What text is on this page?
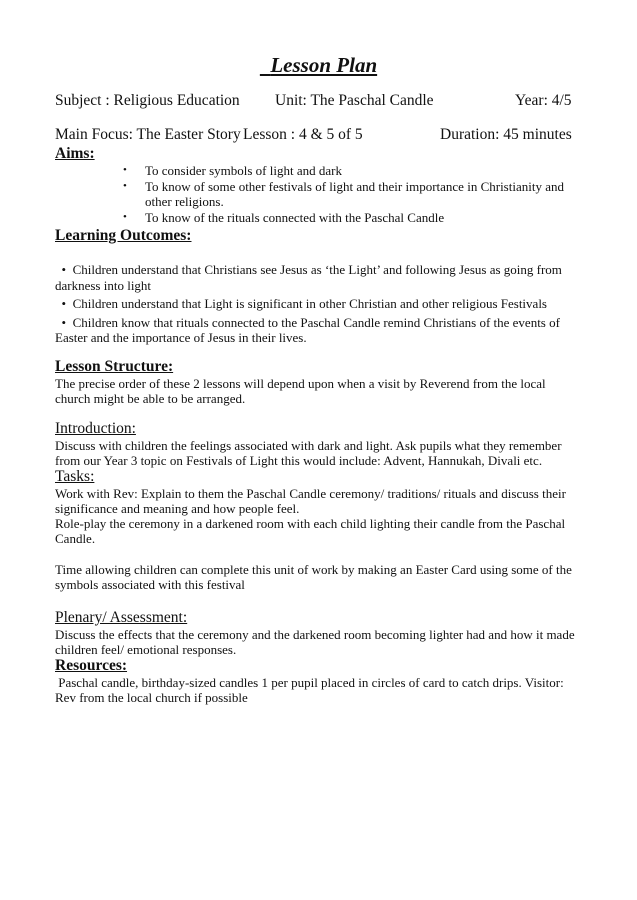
Lesson Plan
Subject : Religious Education Unit: The Paschal Candle	Year: 4/5
Main Focus: The Easter Story Lesson : 4 & 5 of 5	Duration: 45 minutes
Aims:
• To consider symbols of light and dark
• To know of some other festivals of light and their importance in Christianity and other religions.
• To know of the rituals connected with the Paschal Candle
Learning Outcomes:

• Children understand that Christians see Jesus as ‘the Light’ and following Jesus as going from darkness into light

• Children understand that Light is significant in other Christian and other religious Festivals

• Children know that rituals connected to the Paschal Candle remind Christians of the events of Easter and the importance of Jesus in their lives.

Lesson Structure:
The precise order of these 2 lessons will depend upon when a visit by Reverend from the local church might be able to be arranged.
Introduction:
Discuss with children the feelings associated with dark and light. Ask pupils what they remember from our Year 3 topic on Festivals of Light this would include: Advent, Hannukah, Divali etc.
Tasks:
Work with Rev: Explain to them the Paschal Candle ceremony/ traditions/ rituals and discuss their significance and meaning and how people feel.
Role-play the ceremony in a darkened room with each child lighting their candle from the Paschal Candle.
Time allowing children can complete this unit of work by making an Easter Card using some of the symbols associated with this festival
Plenary/ Assessment:
Discuss the effects that the ceremony and the darkened room becoming lighter had and how it made children feel/ emotional responses.
Resources:
Paschal candle, birthday-sized candles 1 per pupil placed in circles of card to catch drips. Visitor: Rev from the local church if possible
